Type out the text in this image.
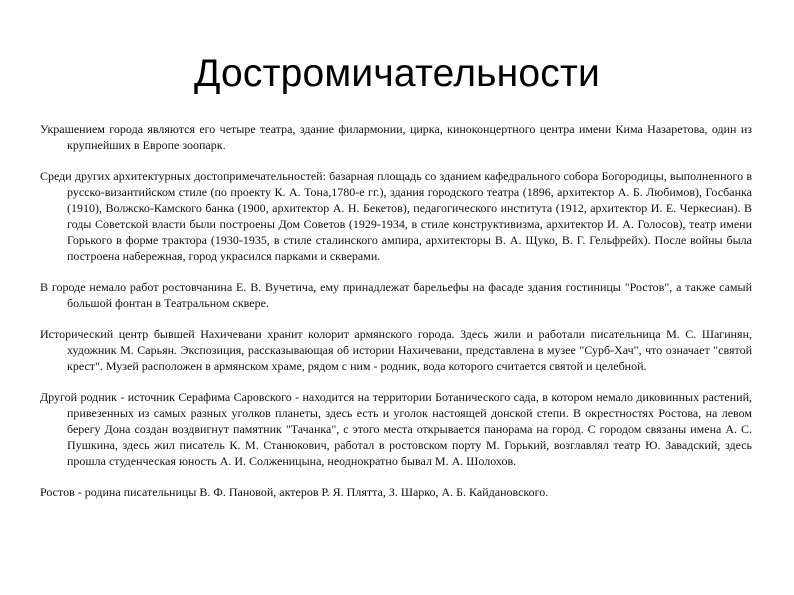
Достромичательности

Украшением города являются его четыре театра, здание филармонии, цирка, киноконцертного центра имени Кима Назаретова, один из крупнейших в Европе зоопарк.

Среди других архитектурных достопримечательностей: базарная площадь со зданием кафедрального собора Богородицы, выполненного в русско-византийском стиле (по проекту К. А. Тона,1780-е гг.), здания городского театра (1896, архитектор А. Б. Любимов), Госбанка (1910), Волжско-Камского банка (1900, архитектор А. Н. Бекетов), педагогического института (1912, архитектор И. Е. Черкесиан). В годы Советской власти были построены Дом Советов (1929-1934, в стиле конструктивизма, архитектор И. А. Голосов), театр имени Горького в форме трактора (1930-1935, в стиле сталинского ампира, архитекторы В. А. Щуко, В. Г. Гельфрейх). После войны была построена набережная, город украсился парками и скверами.

В городе немало работ ростовчанина Е. В. Вучетича, ему принадлежат барельефы на фасаде здания гостиницы "Ростов", а также самый большой фонтан в Театральном сквере.

Исторический центр бывшей Нахичевани хранит колорит армянского города. Здесь жили и работали писательница М. С. Шагинян, художник М. Сарьян. Экспозиция, рассказывающая об истории Нахичевани, представлена в музее "Сурб-Хач", что означает "святой крест". Музей расположен в армянском храме, рядом с ним - родник, вода которого считается святой и целебной.

Другой родник - источник Серафима Саровского - находится на территории Ботанического сада, в котором немало диковинных растений, привезенных из самых разных уголков планеты, здесь есть и уголок настоящей донской степи. В окрестностях Ростова, на левом берегу Дона создан воздвигнут памятник "Тачанка", с этого места открывается панорама на город. С городом связаны имена А. С. Пушкина, здесь жил писатель К. М. Станюкович, работал в ростовском порту М. Горький, возглавлял театр Ю. Завадский, здесь прошла студенческая юность А. И. Солженицына, неоднократно бывал М. А. Шолохов.

Ростов - родина писательницы В. Ф. Пановой, актеров Р. Я. Плятта, З. Шарко, А. Б. Кайдановского.
